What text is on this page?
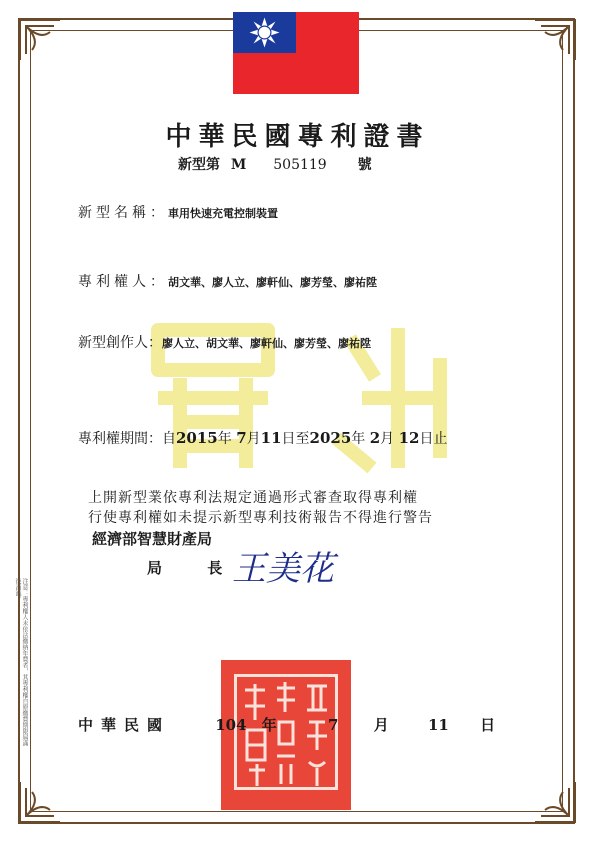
中華民國專利證書
新型第 M 505119 號
新型名稱：車用快速充電控制裝置
專利權人：胡文華、廖人立、廖軒仙、廖芳瑩、廖祐陞
新型創作人：廖人立、胡文華、廖軒仙、廖芳瑩、廖祐陞
專利權期間：自2015年 7月11日至2025年 2月 12日止
上開新型業依專利法規定通過形式審查取得專利權
行使專利權如未提示新型專利技術報告不得進行警告
經濟部智慧財產局
局 長
王美花
注意：專利權人未依法繳納年費者，其專利權自原繳費期限屆滿後消滅。
中華民國	104 年	7 月	11 日
